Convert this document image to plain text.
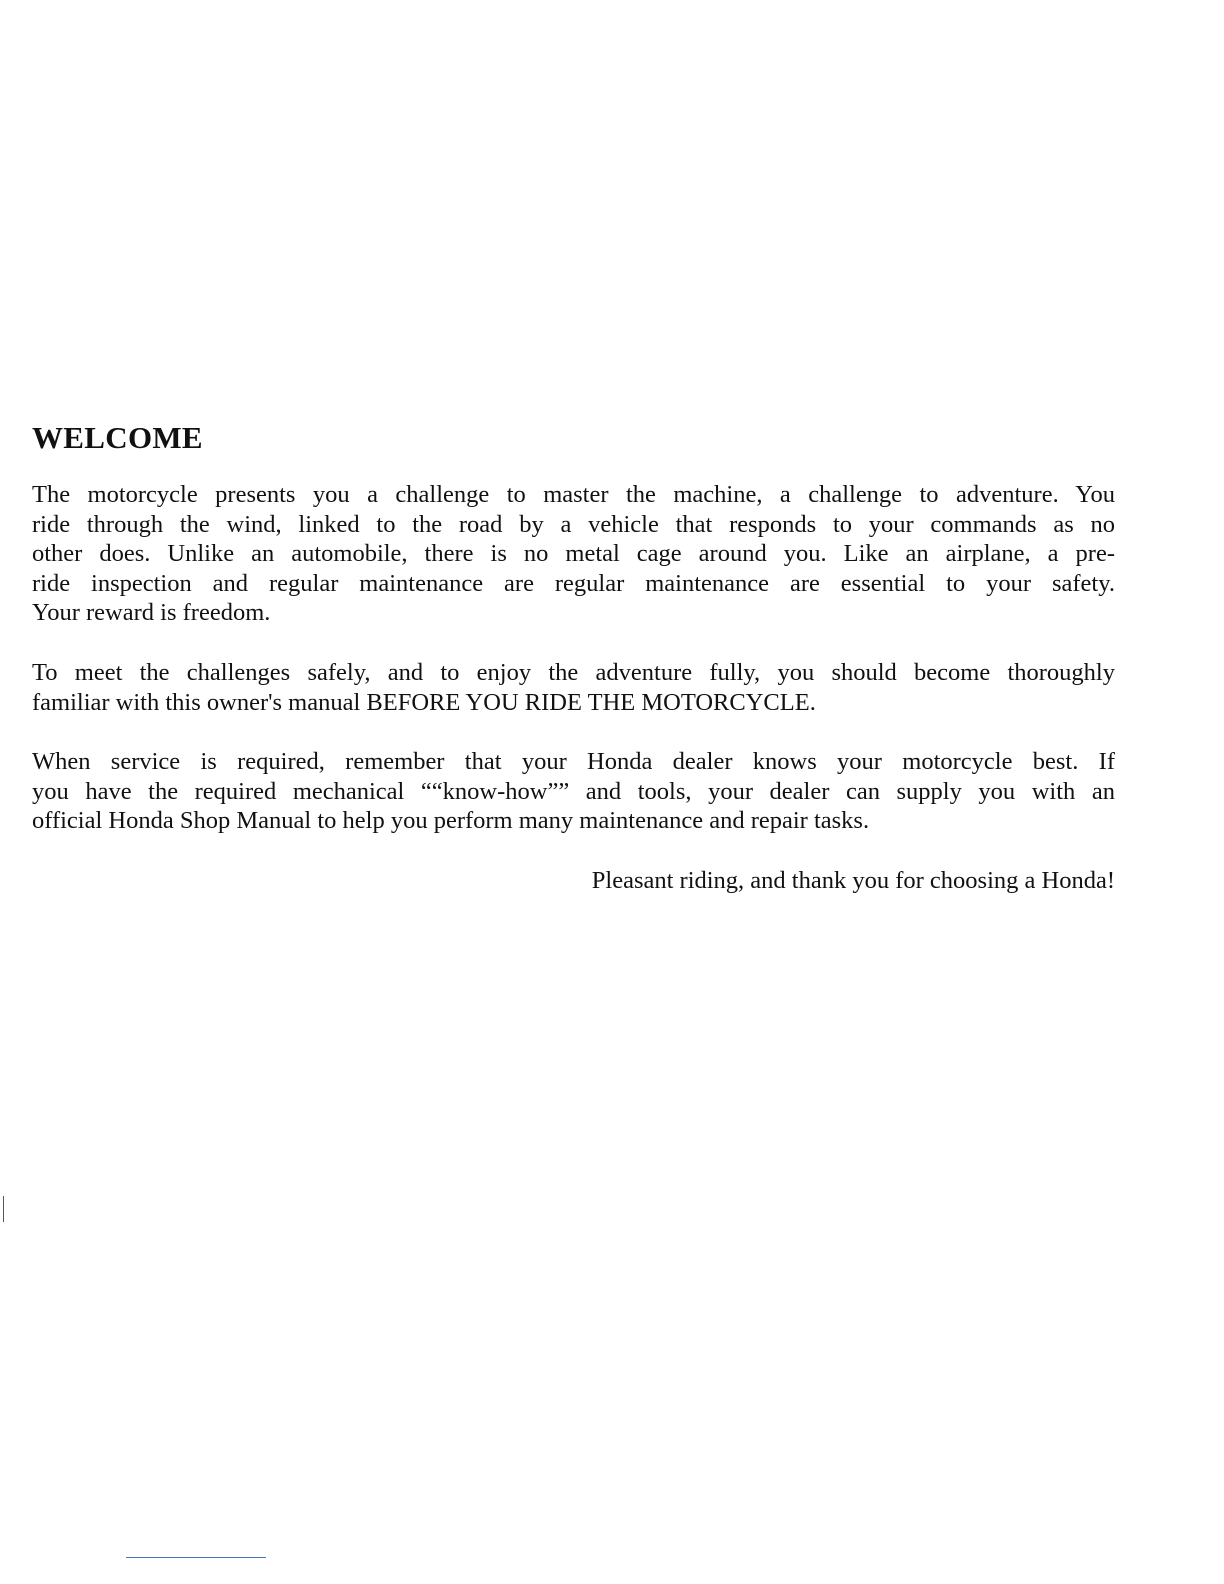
WELCOME

The motorcycle presents you a challenge to master the machine, a challenge to adventure. You
ride through the wind, linked to the road by a vehicle that responds to your commands as no
other does. Unlike an automobile, there is no metal cage around you. Like an airplane, a pre-
ride inspection and regular maintenance are regular maintenance are essential to your safety.
Your reward is freedom.

To meet the challenges safely, and to enjoy the adventure fully, you should become thoroughly
familiar with this owner's manual BEFORE YOU RIDE THE MOTORCYCLE.

When service is required, remember that your Honda dealer knows your motorcycle best. If
you have the required mechanical ““know-how”” and tools, your dealer can supply you with an
official Honda Shop Manual to help you perform many maintenance and repair tasks.

Pleasant riding, and thank you for choosing a Honda!
